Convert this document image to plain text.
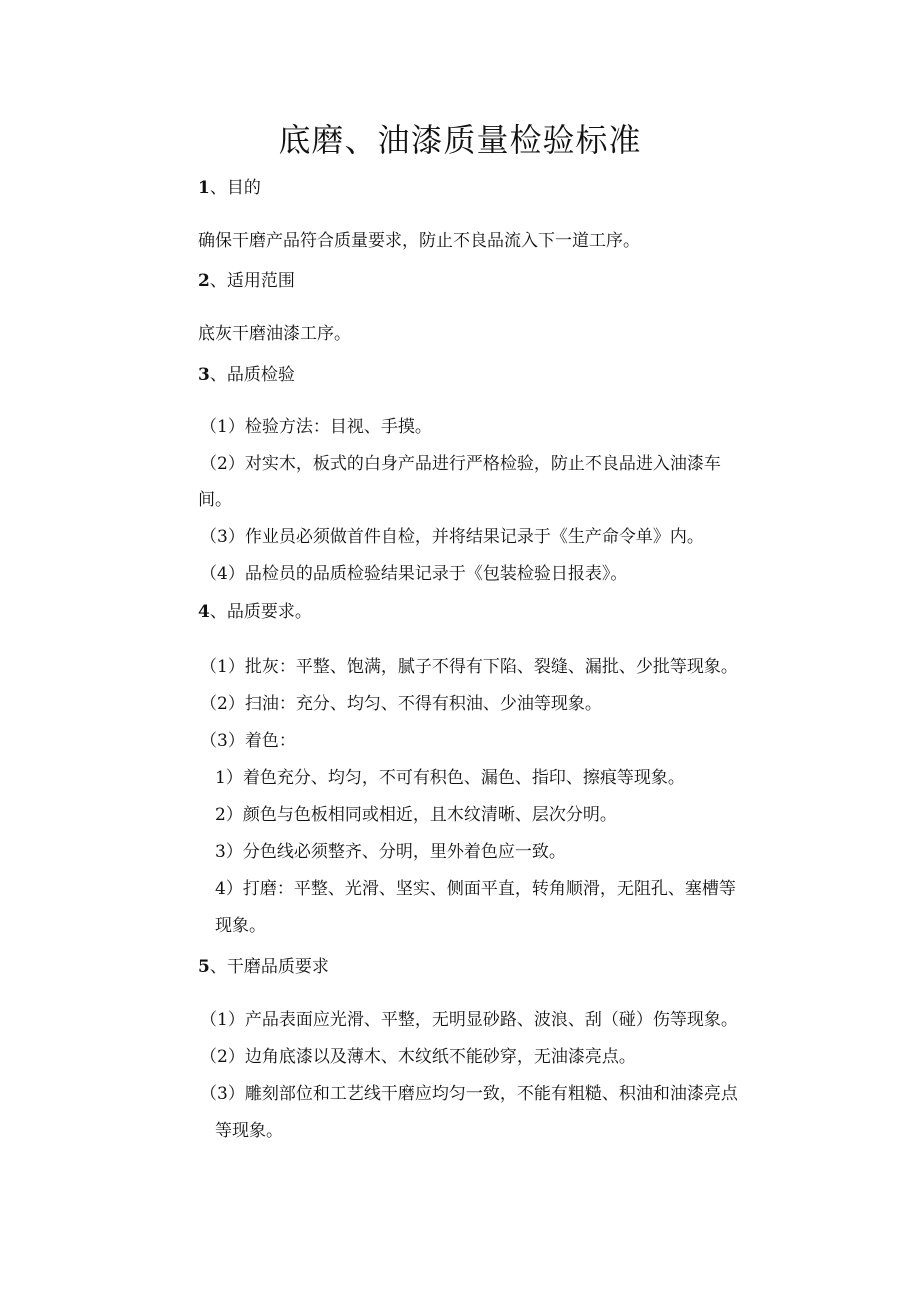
底磨、油漆质量检验标准
1、目的
确保干磨产品符合质量要求，防止不良品流入下一道工序。
2、适用范围
底灰干磨油漆工序。
3、品质检验
（1）检验方法：目视、手摸。
（2）对实木，板式的白身产品进行严格检验，防止不良品进入油漆车
间。
（3）作业员必须做首件自检，并将结果记录于《生产命令单》内。
（4）品检员的品质检验结果记录于《包装检验日报表》。
4、品质要求。
（1）批灰：平整、饱满，腻子不得有下陷、裂缝、漏批、少批等现象。
（2）扫油：充分、均匀、不得有积油、少油等现象。
（3）着色：
1）着色充分、均匀，不可有积色、漏色、指印、擦痕等现象。
2）颜色与色板相同或相近，且木纹清晰、层次分明。
3）分色线必须整齐、分明，里外着色应一致。
4）打磨：平整、光滑、坚实、侧面平直，转角顺滑，无阻孔、塞槽等
现象。
5、干磨品质要求
（1）产品表面应光滑、平整，无明显砂路、波浪、刮（碰）伤等现象。
（2）边角底漆以及薄木、木纹纸不能砂穿，无油漆亮点。
（3）雕刻部位和工艺线干磨应均匀一致，不能有粗糙、积油和油漆亮点
等现象。
